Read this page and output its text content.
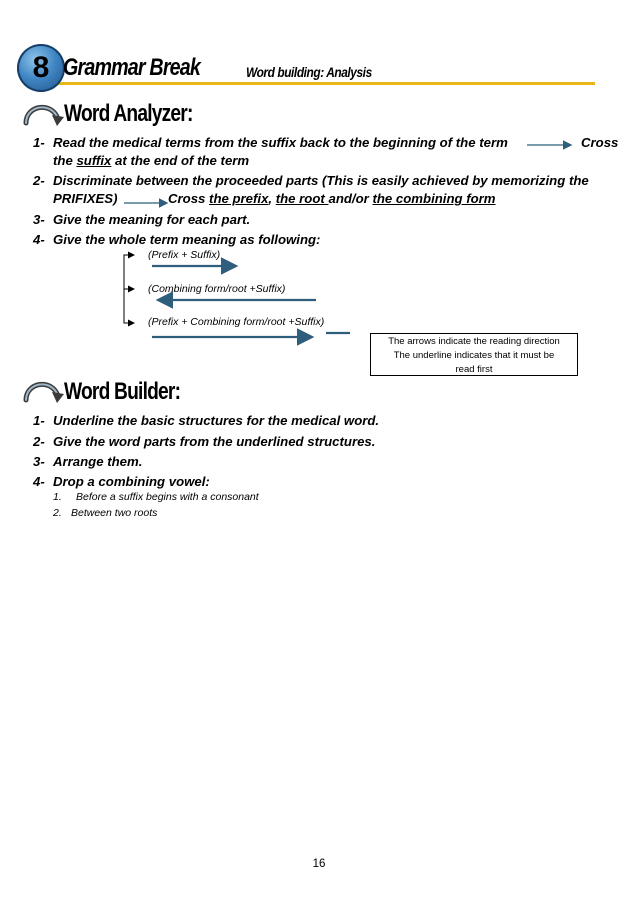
8 Grammar Break	Word building: Analysis
Word Analyzer:
1- Read the medical terms from the suffix back to the beginning of the term	Cross
the suffix at the end of the term
2- Discriminate between the proceeded parts (This is easily achieved by memorizing the
PRIFIXES)	Cross the prefix, the root and/or the combining form
3- Give the meaning for each part.
4- Give the whole term meaning as following:
(Prefix + Suffix)
(Combining form/root +Suffix)
(Prefix + Combining form/root +Suffix)
The arrows indicate the reading direction
The underline indicates that it must be
read first
Word Builder:
1- Underline the basic structures for the medical word.
2- Give the word parts from the underlined structures.
3- Arrange them.
4- Drop a combining vowel:
1. Before a suffix begins with a consonant
2. Between two roots
16
